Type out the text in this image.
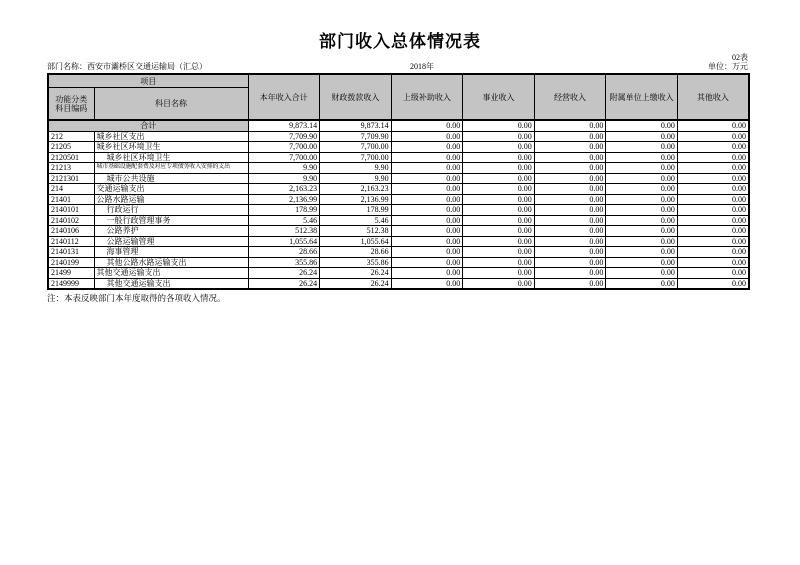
部门收入总体情况表
02表
部门名称：西安市灞桥区交通运输局（汇总）	2018年	单位：万元
项目		本年收入合计	财政拨款收入	上级补助收入	事业收入	经营收入	附属单位上缴收入	其他收入

功能分类
科目编码	科目名称							
合计		9,873.14	9,873.14	0.00	0.00	0.00	0.00	0.00
212	城乡社区支出	7,709.90	7,709.90	0.00	0.00	0.00	0.00	0.00
21205	城乡社区环境卫生	7,700.00	7,700.00	0.00	0.00	0.00	0.00	0.00
2120501	城乡社区环境卫生	7,700.00	7,700.00	0.00	0.00	0.00	0.00	0.00
21213	城市基础设施配套费及对应专项债务收入安排的支出	9.90	9.90	0.00	0.00	0.00	0.00	0.00
2121301	城市公共设施	9.90	9.90	0.00	0.00	0.00	0.00	0.00
214	交通运输支出	2,163.23	2,163.23	0.00	0.00	0.00	0.00	0.00
21401	公路水路运输	2,136.99	2,136.99	0.00	0.00	0.00	0.00	0.00
2140101	行政运行	178.99	178.99	0.00	0.00	0.00	0.00	0.00
2140102	一般行政管理事务	5.46	5.46	0.00	0.00	0.00	0.00	0.00
2140106	公路养护	512.38	512.38	0.00	0.00	0.00	0.00	0.00
2140112	公路运输管理	1,055.64	1,055.64	0.00	0.00	0.00	0.00	0.00
2140131	海事管理	28.66	28.66	0.00	0.00	0.00	0.00	0.00
2140199	其他公路水路运输支出	355.86	355.86	0.00	0.00	0.00	0.00	0.00
21499	其他交通运输支出	26.24	26.24	0.00	0.00	0.00	0.00	0.00
2149999	其他交通运输支出	26.24	26.24	0.00	0.00	0.00	0.00	0.00
注：本表反映部门本年度取得的各项收入情况。
